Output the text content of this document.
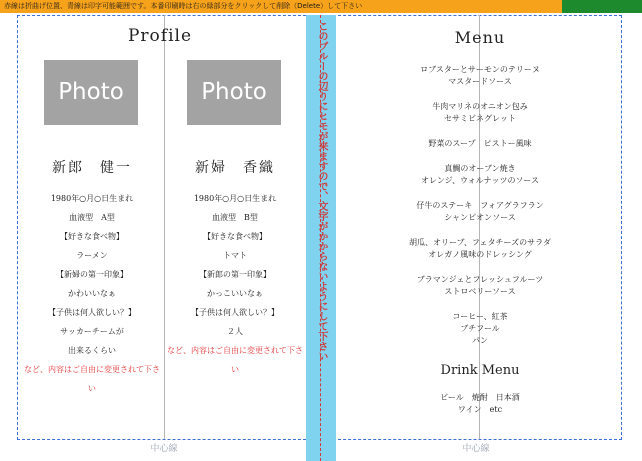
赤線は折曲げ位置、青線は印字可能範囲です。本番印刷時は右の緑部分をクリックして削除（Delete）して下さい
中心線	中心線
このブルーの辺りにヒモが来ますので、文字がかからないようにして下さい
Profile
Photo	Photo
新郎　健一
1980年○月○日生まれ
血液型　A型
【好きな食べ物】
ラーメン
【新婦の第一印象】
かわいいなぁ
【子供は何人欲しい？】
サッカーチームが
出来るくらい
など、内容はご自由に変更されて下さい
新婦　香織
1980年○月○日生まれ
血液型　B型
【好きな食べ物】
トマト
【新郎の第一印象】
かっこいいなぁ
【子供は何人欲しい？】
２人
など、内容はご自由に変更されて下さい
Menu
ロブスターとサーモンのテリーヌ
マスタードソース
牛肉マリネのオニオン包み
セサミビネグレット
野菜のスープ　ピストー風味
真鯛のオーブン焼き
オレンジ、ウォルナッツのソース
仔牛のステーキ　フォアグラフラン
シャンピオンソース
胡瓜、オリーブ、フェタチーズのサラダ
オレガノ風味のドレッシング
ブラマンジェとフレッシュフルーツ
ストロベリーソース
コーヒー、紅茶
ブチフール
パン
Drink Menu
ビール　焼酎　日本酒
ワイン　etc
